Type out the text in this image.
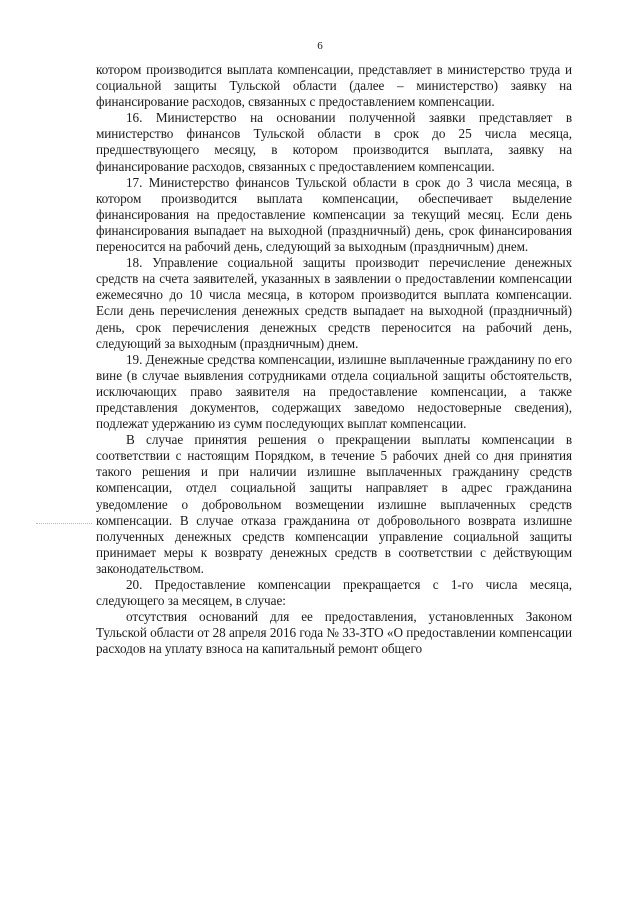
6

котором производится выплата компенсации, представляет в министерство труда и социальной защиты Тульской области (далее – министерство) заявку на финансирование расходов, связанных с предоставлением компенсации.

16. Министерство на основании полученной заявки представляет в министерство финансов Тульской области в срок до 25 числа месяца, предшествующего месяцу, в котором производится выплата, заявку на финансирование расходов, связанных с предоставлением компенсации.

17. Министерство финансов Тульской области в срок до 3 числа месяца, в котором производится выплата компенсации, обеспечивает выделение финансирования на предоставление компенсации за текущий месяц. Если день финансирования выпадает на выходной (праздничный) день, срок финансирования переносится на рабочий день, следующий за выходным (праздничным) днем.

18. Управление социальной защиты производит перечисление денежных средств на счета заявителей, указанных в заявлении о предоставлении компенсации ежемесячно до 10 числа месяца, в котором производится выплата компенсации. Если день перечисления денежных средств выпадает на выходной (праздничный) день, срок перечисления денежных средств переносится на рабочий день, следующий за выходным (праздничным) днем.

19. Денежные средства компенсации, излишне выплаченные гражданину по его вине (в случае выявления сотрудниками отдела социальной защиты обстоятельств, исключающих право заявителя на предоставление компенсации, а также представления документов, содержащих заведомо недостоверные сведения), подлежат удержанию из сумм последующих выплат компенсации.

В случае принятия решения о прекращении выплаты компенсации в соответствии с настоящим Порядком, в течение 5 рабочих дней со дня принятия такого решения и при наличии излишне выплаченных гражданину средств компенсации, отдел социальной защиты направляет в адрес гражданина уведомление о добровольном возмещении излишне выплаченных средств компенсации. В случае отказа гражданина от добровольного возврата излишне полученных денежных средств компенсации управление социальной защиты принимает меры к возврату денежных средств в соответствии с действующим законодательством.

20. Предоставление компенсации прекращается с 1-го числа месяца, следующего за месяцем, в случае:

отсутствия оснований для ее предоставления, установленных Законом Тульской области от 28 апреля 2016 года № 33-ЗТО «О предоставлении компенсации расходов на уплату взноса на капитальный ремонт общего
